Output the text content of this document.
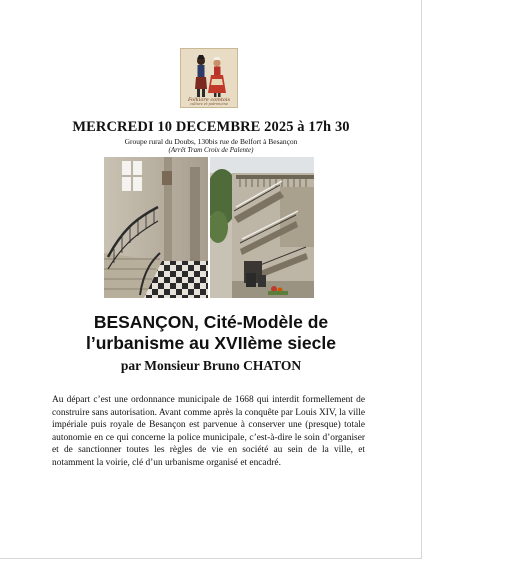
Folklore comtois
culture et patrimoine
MERCREDI 10 DECEMBRE 2025 à 17h 30
Groupe rural du Doubs, 130bis rue de Belfort à Besançon
(Arrêt Tram Croix de Palente)
BESANÇON, Cité-Modèle de
l’urbanisme au XVIIème siecle
par Monsieur Bruno CHATON
Au départ c’est une ordonnance municipale de 1668 qui interdit formellement de construire sans autorisation. Avant comme après la conquête par Louis XIV, la ville impériale puis royale de Besançon est parvenue à conserver une (presque) totale autonomie en ce qui concerne la police municipale, c’est-à-dire le soin d’organiser et de sanctionner toutes les règles de vie en société au sein de la ville, et notamment la voirie, clé d’un urbanisme organisé et encadré.
